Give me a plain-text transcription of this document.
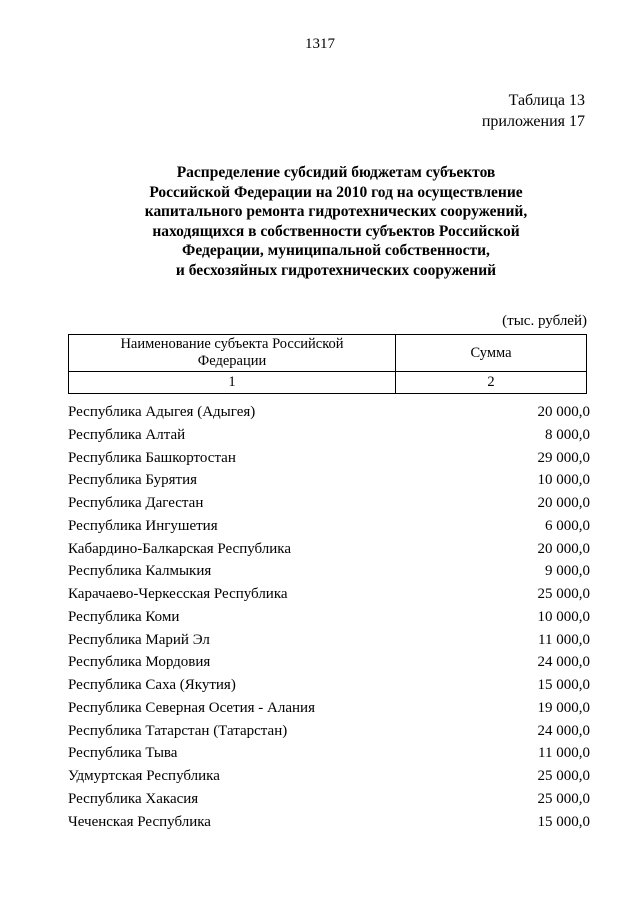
1317
Таблица 13
приложения 17
Распределение субсидий бюджетам субъектов
Российской Федерации на 2010 год на осуществление
капитального ремонта гидротехнических сооружений,
находящихся в собственности субъектов Российской
Федерации, муниципальной собственности,
и бесхозяйных гидротехнических сооружений
(тыс. рублей)
Наименование субъекта Российской Федерации	Сумма
1	2
Республика Адыгея (Адыгея)	20 000,0
Республика Алтай	8 000,0
Республика Башкортостан	29 000,0
Республика Бурятия	10 000,0
Республика Дагестан	20 000,0
Республика Ингушетия	6 000,0
Кабардино-Балкарская Республика	20 000,0
Республика Калмыкия	9 000,0
Карачаево-Черкесская Республика	25 000,0
Республика Коми	10 000,0
Республика Марий Эл	11 000,0
Республика Мордовия	24 000,0
Республика Саха (Якутия)	15 000,0
Республика Северная Осетия - Алания	19 000,0
Республика Татарстан (Татарстан)	24 000,0
Республика Тыва	11 000,0
Удмуртская Республика	25 000,0
Республика Хакасия	25 000,0
Чеченская Республика	15 000,0
